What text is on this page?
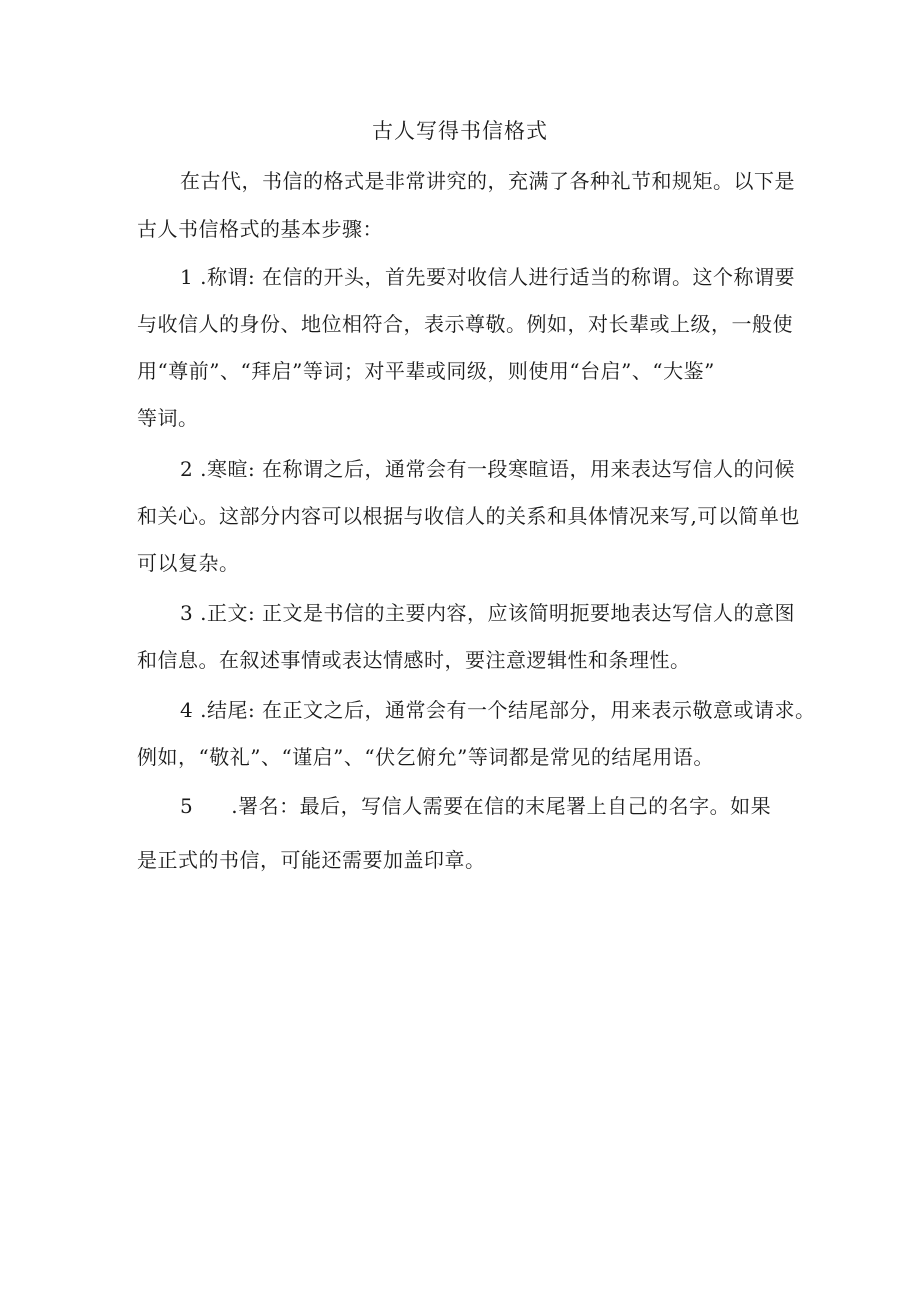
古人写得书信格式
在古代，书信的格式是非常讲究的，充满了各种礼节和规矩。以下是
古人书信格式的基本步骤：
1 .称谓: 在信的开头，首先要对收信人进行适当的称谓。这个称谓要
与收信人的身份、地位相符合，表示尊敬。例如，对长辈或上级，一般使
用“尊前”、“拜启”等词；对平辈或同级，则使用“台启”、“大鉴”
等词。
2 .寒暄: 在称谓之后，通常会有一段寒暄语，用来表达写信人的问候
和关心。这部分内容可以根据与收信人的关系和具体情况来写,可以简单也
可以复杂。
3 .正文: 正文是书信的主要内容，应该简明扼要地表达写信人的意图
和信息。在叙述事情或表达情感时，要注意逻辑性和条理性。
4 .结尾: 在正文之后，通常会有一个结尾部分，用来表示敬意或请求。
例如，“敬礼”、“谨启”、“伏乞俯允”等词都是常见的结尾用语。
5 .署名：最后，写信人需要在信的末尾署上自己的名字。如果
是正式的书信，可能还需要加盖印章。
